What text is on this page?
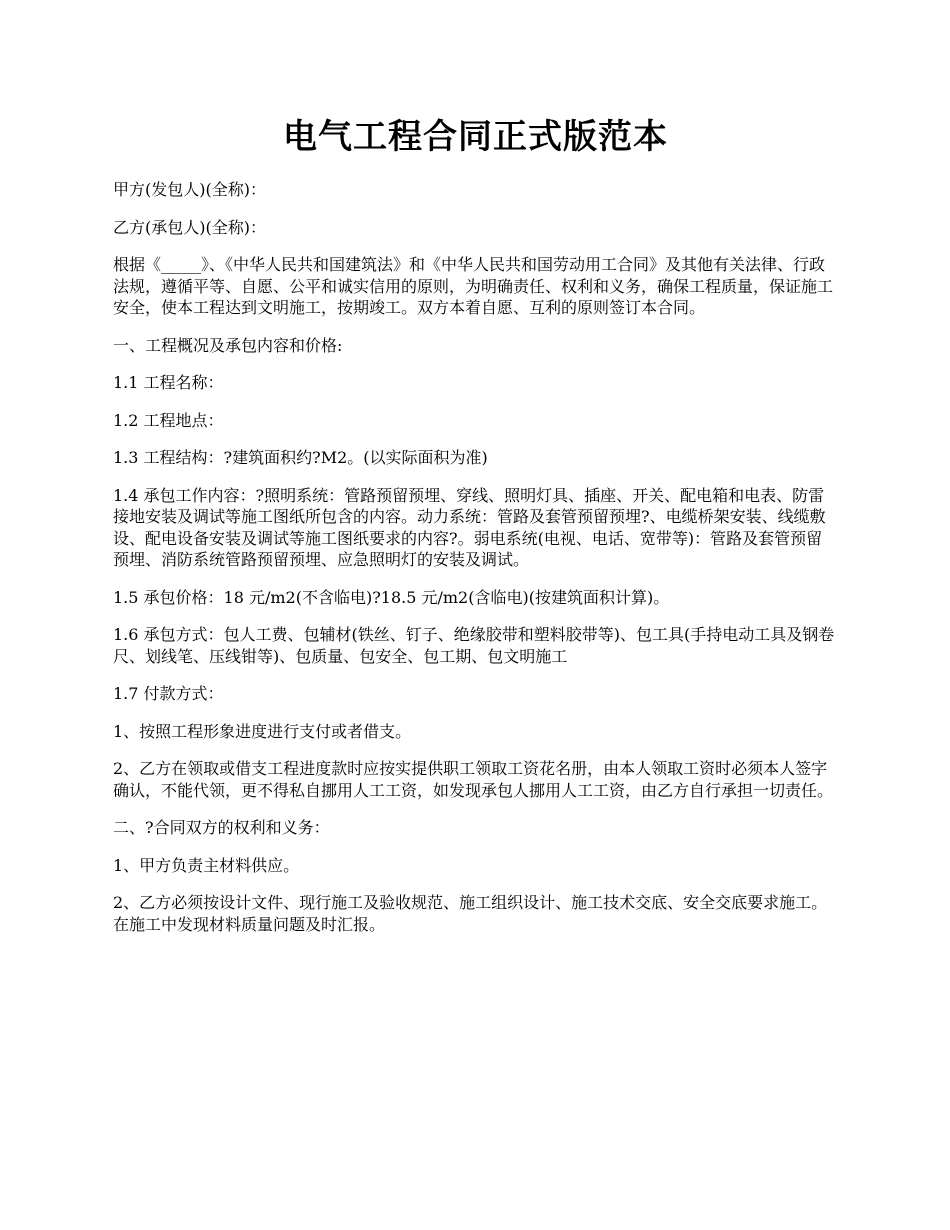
电气工程合同正式版范本

甲方(发包人)(全称)：

乙方(承包人)(全称)：

根据《_____》、《中华人民共和国建筑法》和《中华人民共和国劳动用工合同》及其他有关法律、行政法规，遵循平等、自愿、公平和诚实信用的原则，为明确责任、权利和义务，确保工程质量，保证施工安全，使本工程达到文明施工，按期竣工。双方本着自愿、互利的原则签订本合同。

一、工程概况及承包内容和价格:

1.1 工程名称：

1.2 工程地点：

1.3 工程结构：?建筑面积约?M2。(以实际面积为准)

1.4 承包工作内容：?照明系统：管路预留预埋、穿线、照明灯具、插座、开关、配电箱和电表、防雷接地安装及调试等施工图纸所包含的内容。动力系统：管路及套管预留预埋?、电缆桥架安装、线缆敷设、配电设备安装及调试等施工图纸要求的内容?。弱电系统(电视、电话、宽带等)：管路及套管预留预埋、消防系统管路预留预埋、应急照明灯的安装及调试。

1.5 承包价格：18 元/m2(不含临电)?18.5 元/m2(含临电)(按建筑面积计算)。

1.6 承包方式：包人工费、包辅材(铁丝、钉子、绝缘胶带和塑料胶带等)、包工具(手持电动工具及钢卷尺、划线笔、压线钳等)、包质量、包安全、包工期、包文明施工

1.7 付款方式：

1、按照工程形象进度进行支付或者借支。

2、乙方在领取或借支工程进度款时应按实提供职工领取工资花名册，由本人领取工资时必须本人签字确认，不能代领，更不得私自挪用人工工资，如发现承包人挪用人工工资，由乙方自行承担一切责任。

二、?合同双方的权利和义务：

1、甲方负责主材料供应。

2、乙方必须按设计文件、现行施工及验收规范、施工组织设计、施工技术交底、安全交底要求施工。在施工中发现材料质量问题及时汇报。
